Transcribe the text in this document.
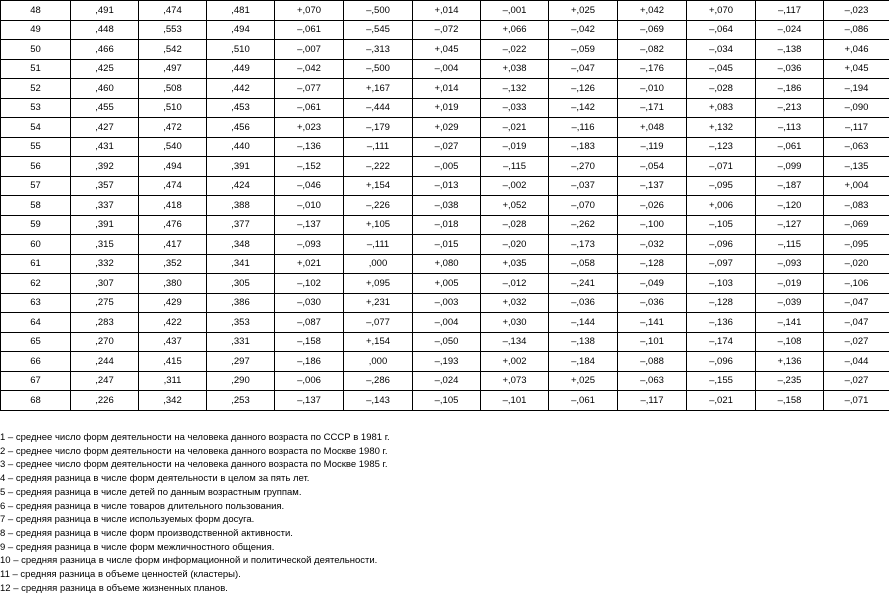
48	,491	,474	,481	+,070	–,500	+,014	–,001	+,025	+,042	+,070	–,117	–,023
49	,448	,553	,494	–,061	–,545	–,072	+,066	–,042	–,069	–,064	–,024	–,086
50	,466	,542	,510	–,007	–,313	+,045	–,022	–,059	–,082	–,034	–,138	+,046
51	,425	,497	,449	–,042	–,500	–,004	+,038	–,047	–,176	–,045	–,036	+,045
52	,460	,508	,442	–,077	+,167	+,014	–,132	–,126	–,010	–,028	–,186	–,194
53	,455	,510	,453	–,061	–,444	+,019	–,033	–,142	–,171	+,083	–,213	–,090
54	,427	,472	,456	+,023	–,179	+,029	–,021	–,116	+,048	+,132	–,113	–,117
55	,431	,540	,440	–,136	–,111	–,027	–,019	–,183	–,119	–,123	–,061	–,063
56	,392	,494	,391	–,152	–,222	–,005	–,115	–,270	–,054	–,071	–,099	–,135
57	,357	,474	,424	–,046	+,154	–,013	–,002	–,037	–,137	–,095	–,187	+,004
58	,337	,418	,388	–,010	–,226	–,038	+,052	–,070	–,026	+,006	–,120	–,083
59	,391	,476	,377	–,137	+,105	–,018	–,028	–,262	–,100	–,105	–,127	–,069
60	,315	,417	,348	–,093	–,111	–,015	–,020	–,173	–,032	–,096	–,115	–,095
61	,332	,352	,341	+,021	,000	+,080	+,035	–,058	–,128	–,097	–,093	–,020
62	,307	,380	,305	–,102	+,095	+,005	–,012	–,241	–,049	–,103	–,019	–,106
63	,275	,429	,386	–,030	+,231	–,003	+,032	–,036	–,036	–,128	–,039	–,047
64	,283	,422	,353	–,087	–,077	–,004	+,030	–,144	–,141	–,136	–,141	–,047
65	,270	,437	,331	–,158	+,154	–,050	–,134	–,138	–,101	–,174	–,108	–,027
66	,244	,415	,297	–,186	,000	–,193	+,002	–,184	–,088	–,096	+,136	–,044
67	,247	,311	,290	–,006	–,286	–,024	+,073	+,025	–,063	–,155	–,235	–,027
68	,226	,342	,253	–,137	–,143	–,105	–,101	–,061	–,117	–,021	–,158	–,071
1 – среднее число форм деятельности на человека данного возраста по СССР в 1981 г.
2 – среднее число форм деятельности на человека данного возраста по Москве 1980 г.
3 – среднее число форм деятельности на человека данного возраста по Москве 1985 г.
4 – средняя разница в числе форм деятельности в целом за пять лет.
5 – средняя разница в числе детей по данным возрастным группам.
6 – средняя разница в числе товаров длительного пользования.
7 – средняя разница в числе используемых форм досуга.
8 – средняя разница в числе форм производственной активности.
9 – средняя разница в числе форм межличностного общения.
10 – средняя разница в числе форм информационной и политической деятельности.
11 – средняя разница в объеме ценностей (кластеры).
12 – средняя разница в объеме жизненных планов.
